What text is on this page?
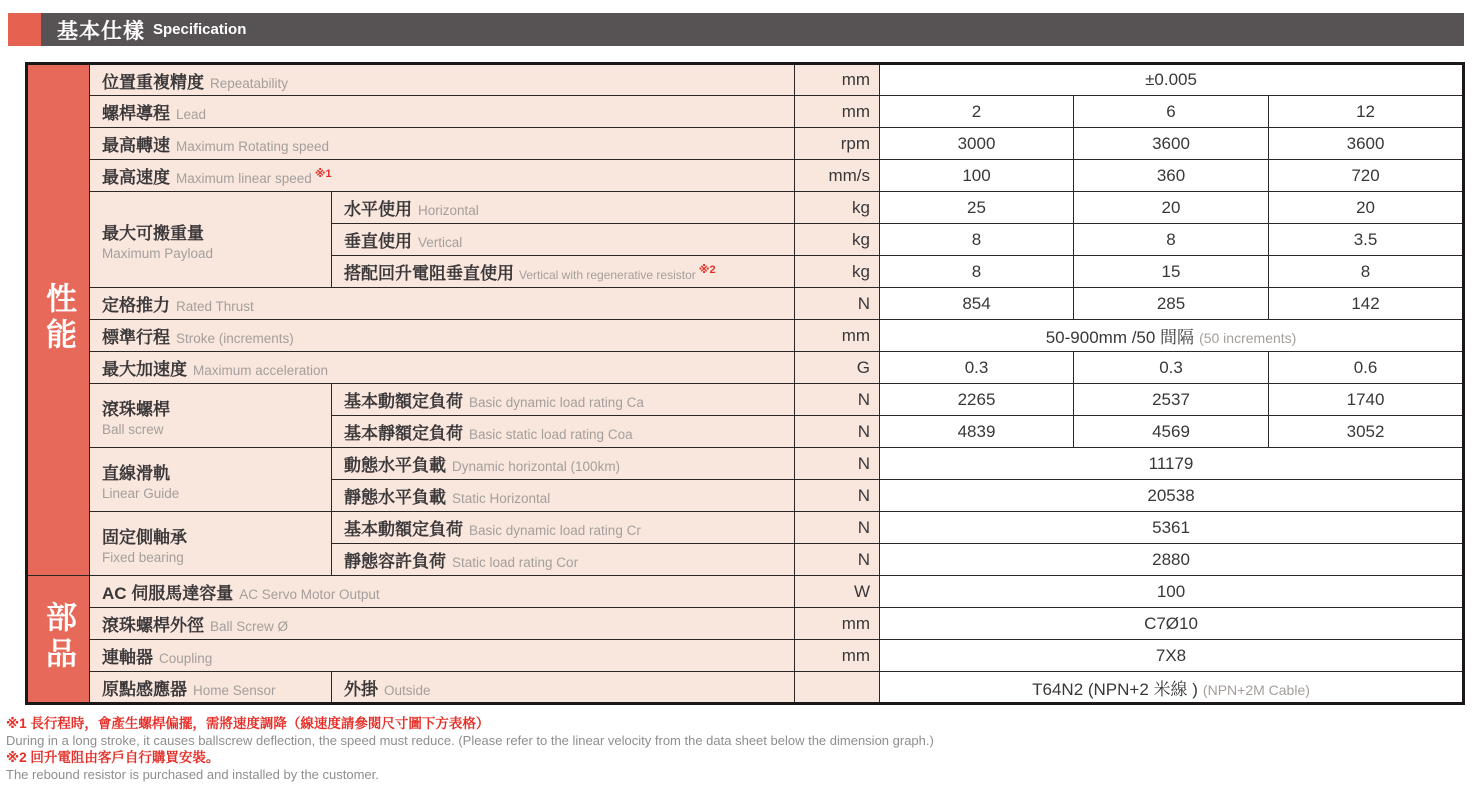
基本仕樣 Specification
性能	位置重複精度 Repeatability		mm	±0.005		
	螺桿導程 Lead		mm	2	6	12
	最高轉速 Maximum Rotating speed		rpm	3000	3600	3600
	最高速度 Maximum linear speed $^{※1}$		mm/s	100	360	720
	最大可搬重量
Maximum Payload	水平使用 Horizontal	kg	25	20	20
		垂直使用 Vertical	kg	8	8	3.5
		搭配回升電阻垂直使用 Vertical with regenerative resistor $^{※2}$	kg	8	15	8
	定格推力 Rated Thrust		N	854	285	142
	標準行程 Stroke (increments)		mm	50-900mm /50 間隔 (50 increments)		
	最大加速度 Maximum acceleration		G	0.3	0.3	0.6
	滾珠螺桿
Ball screw	基本動額定負荷 Basic dynamic load rating Ca	N	2265	2537	1740
		基本靜額定負荷 Basic static load rating Coa	N	4839	4569	3052
	直線滑軌
Linear Guide	動態水平負載 Dynamic horizontal (100km)	N	11179		
		靜態水平負載 Static Horizontal	N	20538		
	固定側軸承
Fixed bearing	基本動額定負荷 Basic dynamic load rating Cr	N	5361		
		靜態容許負荷 Static load rating Cor	N	2880		
部品	AC 伺服馬達容量 AC Servo Motor Output		W	100		
	滾珠螺桿外徑 Ball Screw Ø		mm	C7Ø10		
	連軸器 Coupling		mm	7X8		
	原點感應器 Home Sensor	外掛 Outside		T64N2 (NPN+2 米線 ) (NPN+2M Cable)		
※1 長行程時，會產生螺桿偏擺，需將速度調降（線速度請參閱尺寸圖下方表格）
During in a long stroke, it causes ballscrew deflection, the speed must reduce. (Please refer to the linear velocity from the data sheet below the dimension graph.)
※2 回升電阻由客戶自行購買安裝。
The rebound resistor is purchased and installed by the customer.
